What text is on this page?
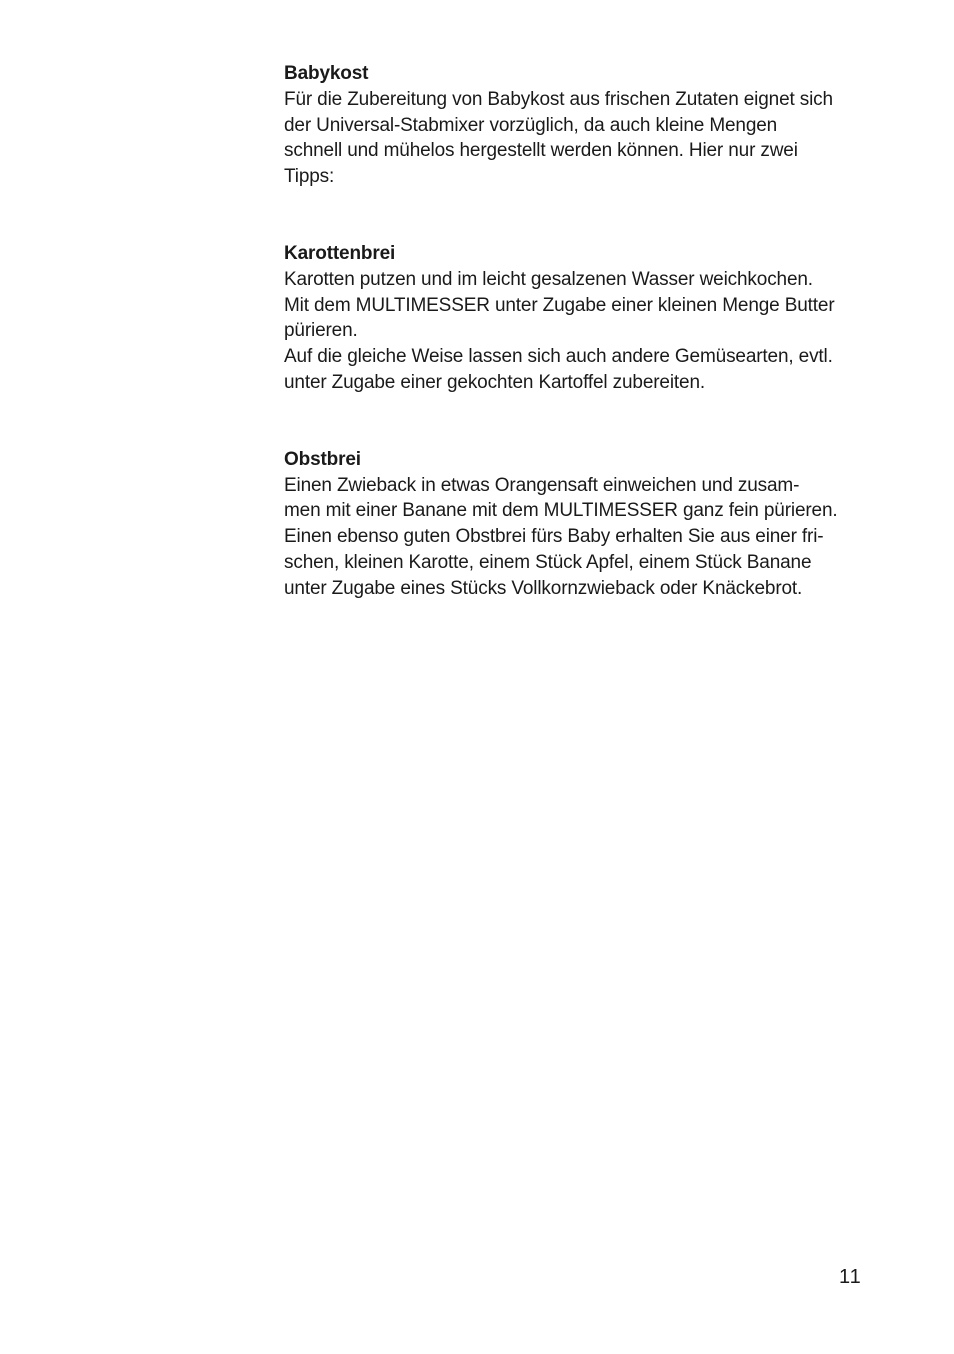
Babykost
Für die Zubereitung von Babykost aus frischen Zutaten eignet sich
der Universal-Stabmixer vorzüglich, da auch kleine Mengen
schnell und mühelos hergestellt werden können. Hier nur zwei
Tipps:
Karottenbrei
Karotten putzen und im leicht gesalzenen Wasser weichkochen.
Mit dem MULTIMESSER unter Zugabe einer kleinen Menge Butter
pürieren.
Auf die gleiche Weise lassen sich auch andere Gemüsearten, evtl.
unter Zugabe einer gekochten Kartoffel zubereiten.
Obstbrei
Einen Zwieback in etwas Orangensaft einweichen und zusam-
men mit einer Banane mit dem MULTIMESSER ganz fein pürieren.
Einen ebenso guten Obstbrei fürs Baby erhalten Sie aus einer fri-
schen, kleinen Karotte, einem Stück Apfel, einem Stück Banane
unter Zugabe eines Stücks Vollkornzwieback oder Knäckebrot.
11
